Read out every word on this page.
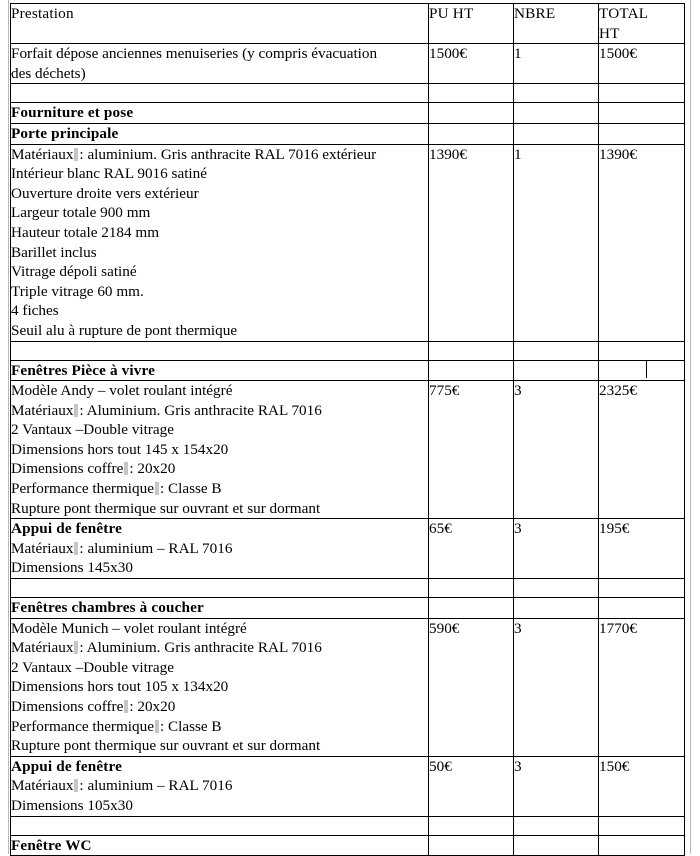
Prestation	PU HT	NBRE	TOTAL
HT

Forfait dépose anciennes menuiseries (y compris évacuation
des déchets)	1500€	1	1500€

Fourniture et pose			

Porte principale			

Matériaux : aluminium. Gris anthracite RAL 7016 extérieur
Intérieur blanc RAL 9016 satiné
Ouverture droite vers extérieur
Largeur totale 900 mm
Hauteur totale 2184 mm
Barillet inclus
Vitrage dépoli satiné
Triple vitrage 60 mm.
4 fiches
Seuil alu à rupture de pont thermique
	1390€	1	1390€

Fenêtres Pièce à vivre			

Modèle Andy – volet roulant intégré
Matériaux : Aluminium. Gris anthracite RAL 7016
2 Vantaux –Double vitrage
Dimensions hors tout 145 x 154x20
Dimensions coffre : 20x20
Performance thermique : Classe B
Rupture pont thermique sur ouvrant et sur dormant
	775€	3	2325€

Appui de fenêtre
Matériaux : aluminium – RAL 7016
Dimensions 145x30	65€	3	195€

Fenêtres chambres à coucher			

Modèle Munich – volet roulant intégré
Matériaux : Aluminium. Gris anthracite RAL 7016
2 Vantaux –Double vitrage
Dimensions hors tout 105 x 134x20
Dimensions coffre : 20x20
Performance thermique : Classe B
Rupture pont thermique sur ouvrant et sur dormant
	590€	3	1770€

Appui de fenêtre
Matériaux : aluminium – RAL 7016
Dimensions 105x30	50€	3	150€

Fenêtre WC			
